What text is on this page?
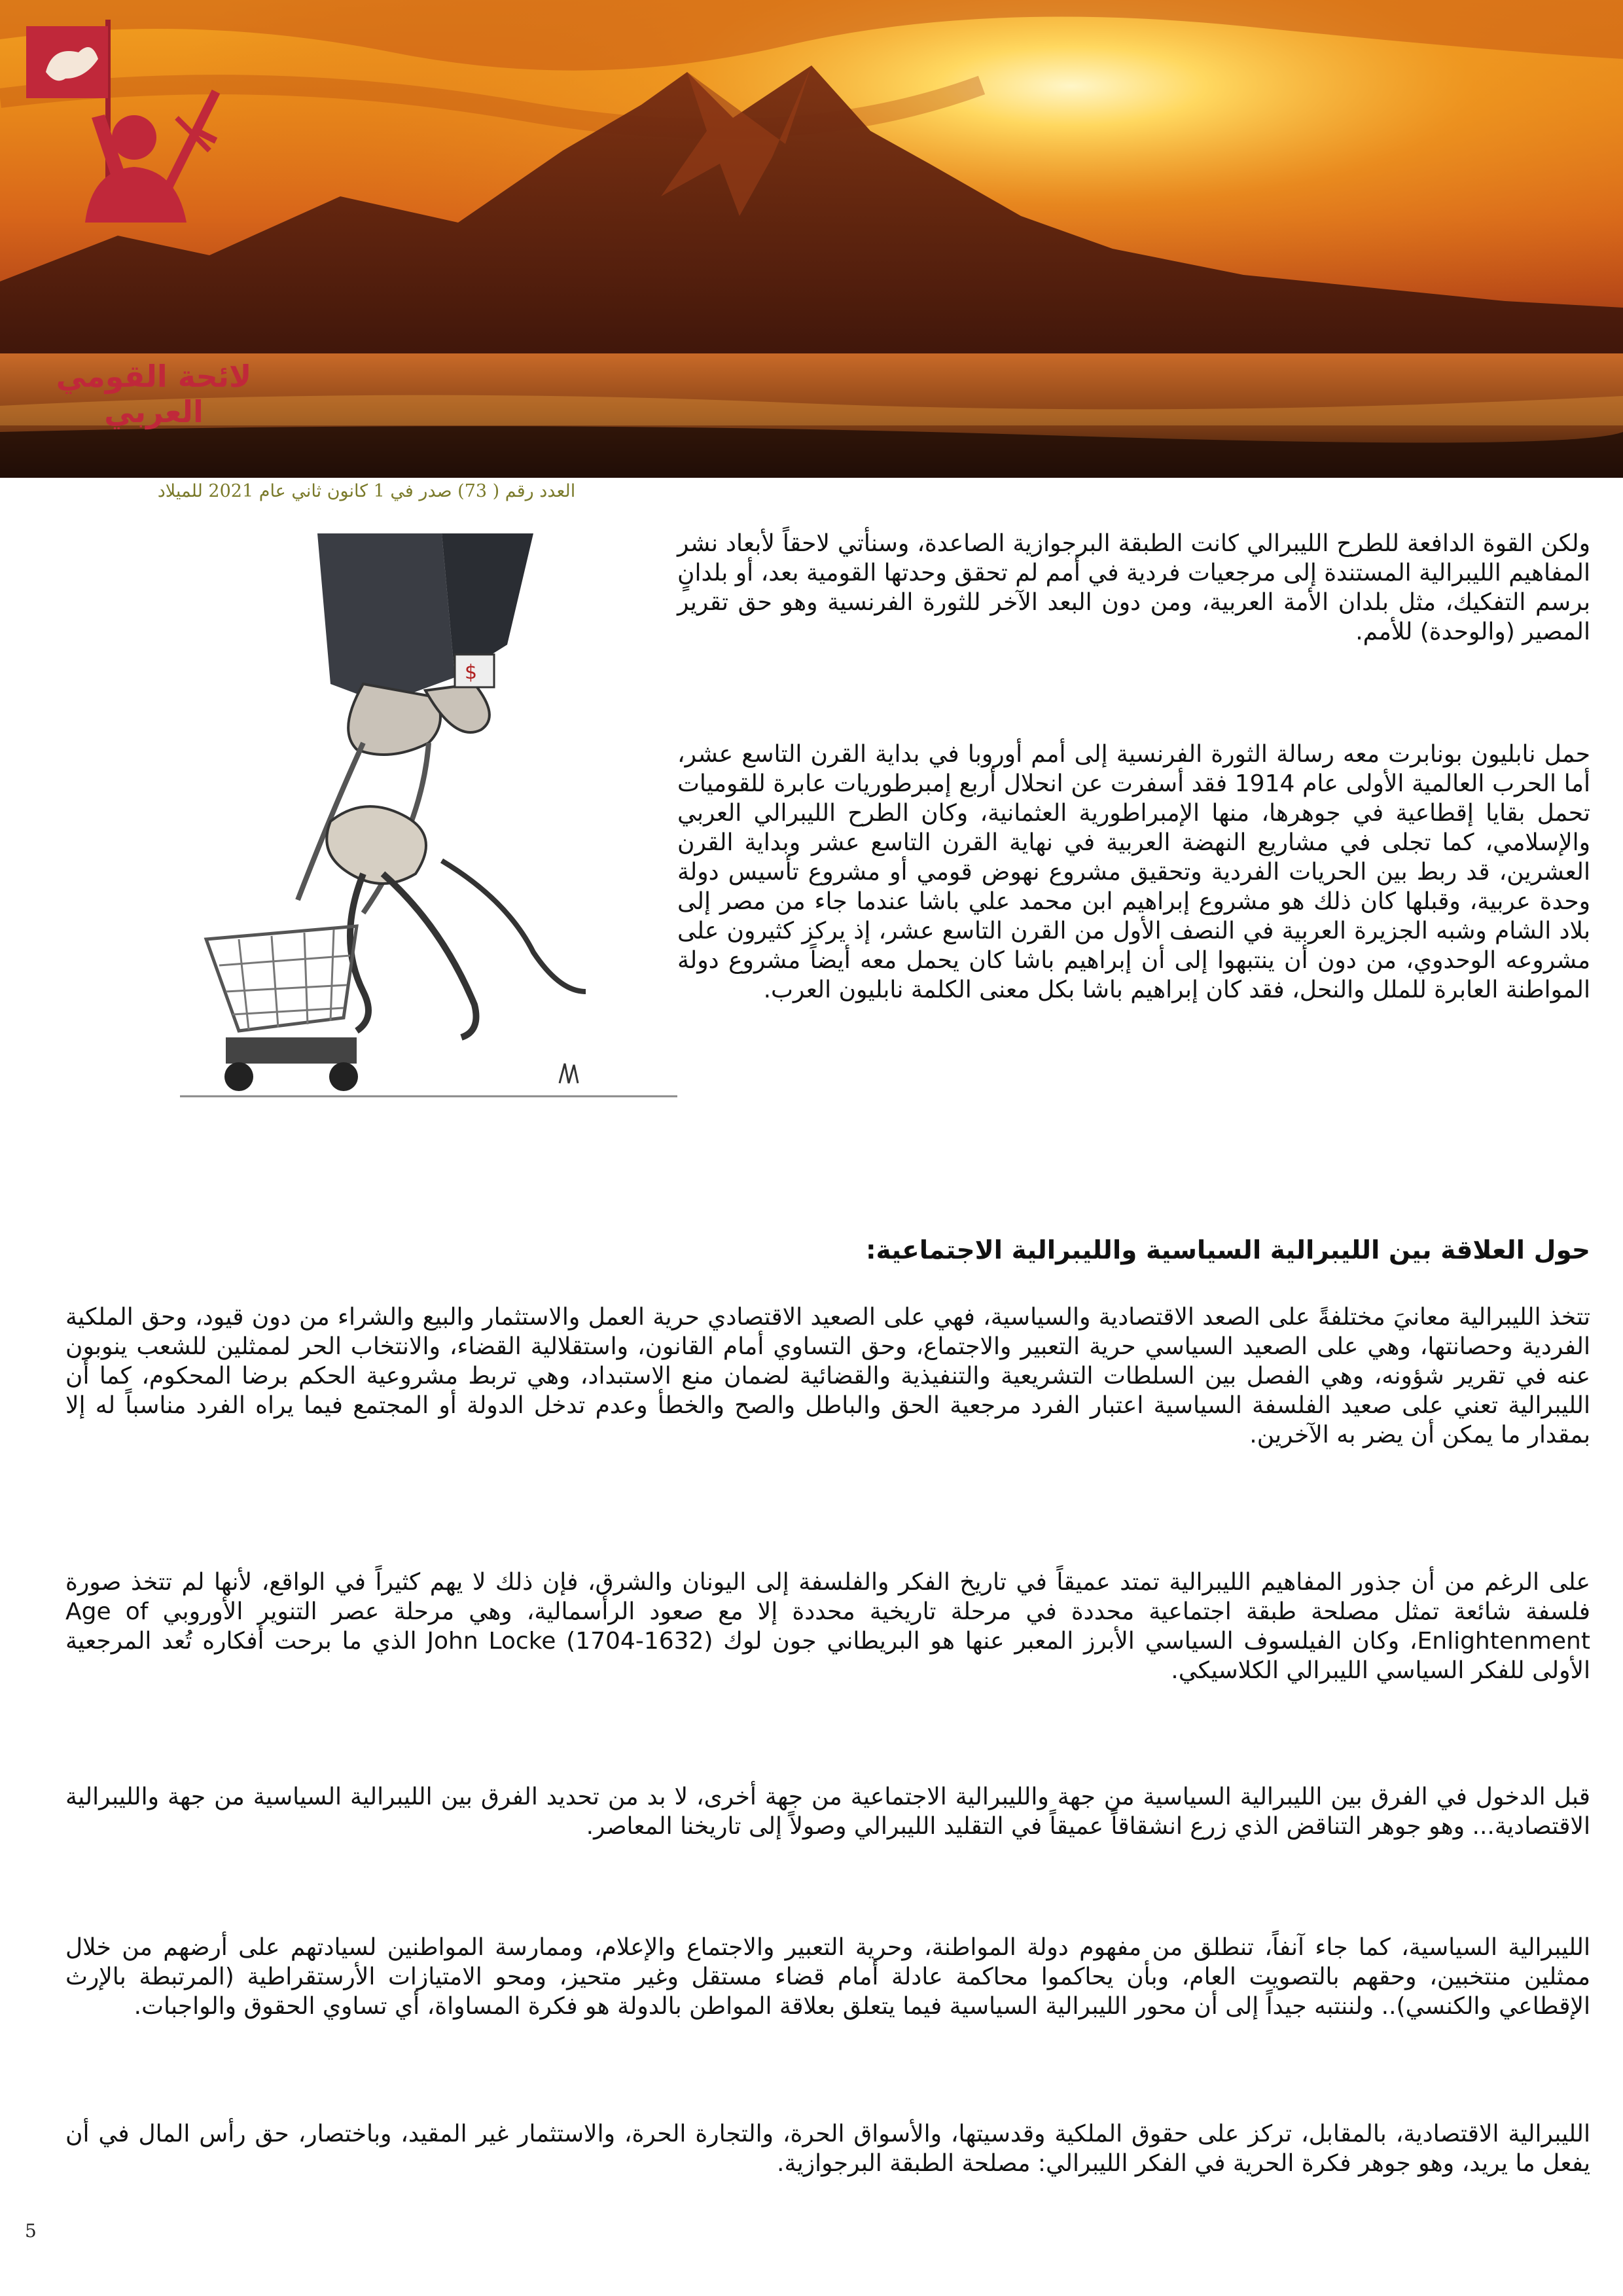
لائحة القومي العربي
العدد رقم ( 73) صدر في 1 كانون ثاني عام 2021 للميلاد
$

ولكن القوة الدافعة للطرح الليبرالي كانت الطبقة البرجوازية الصاعدة، وسنأتي لاحقاً لأبعاد نشر المفاهيم الليبرالية المستندة إلى مرجعيات فردية في أمم لم تحقق وحدتها القومية بعد، أو بلدانٍ برسم التفكيك، مثل بلدان الأمة العربية، ومن دون البعد الآخر للثورة الفرنسية وهو حق تقرير المصير (والوحدة) للأمم.

حمل نابليون بونابرت معه رسالة الثورة الفرنسية إلى أمم أوروبا في بداية القرن التاسع عشر، أما الحرب العالمية الأولى عام 1914 فقد أسفرت عن انحلال أربع إمبرطوريات عابرة للقوميات تحمل بقايا إقطاعية في جوهرها، منها الإمبراطورية العثمانية، وكان الطرح الليبرالي العربي والإسلامي، كما تجلى في مشاريع النهضة العربية في نهاية القرن التاسع عشر وبداية القرن العشرين، قد ربط بين الحريات الفردية وتحقيق مشروع نهوض قومي أو مشروع تأسيس دولة وحدة عربية، وقبلها كان ذلك هو مشروع إبراهيم ابن محمد علي باشا عندما جاء من مصر إلى بلاد الشام وشبه الجزيرة العربية في النصف الأول من القرن التاسع عشر، إذ يركز كثيرون على مشروعه الوحدوي، من دون أن ينتبهوا إلى أن إبراهيم باشا كان يحمل معه أيضاً مشروع دولة المواطنة العابرة للملل والنحل، فقد كان إبراهيم باشا بكل معنى الكلمة نابليون العرب.

حول العلاقة بين الليبرالية السياسية والليبرالية الاجتماعية:

تتخذ الليبرالية معانيَ مختلفةً على الصعد الاقتصادية والسياسية، فهي على الصعيد الاقتصادي حرية العمل والاستثمار والبيع والشراء من دون قيود، وحق الملكية الفردية وحصانتها، وهي على الصعيد السياسي حرية التعبير والاجتماع، وحق التساوي أمام القانون، واستقلالية القضاء، والانتخاب الحر لممثلين للشعب ينوبون عنه في تقرير شؤونه، وهي الفصل بين السلطات التشريعية والتنفيذية والقضائية لضمان منع الاستبداد، وهي تربط مشروعية الحكم برضا المحكوم، كما أن الليبرالية تعني على صعيد الفلسفة السياسية اعتبار الفرد مرجعية الحق والباطل والصح والخطأ وعدم تدخل الدولة أو المجتمع فيما يراه الفرد مناسباً له إلا بمقدار ما يمكن أن يضر به الآخرين.

على الرغم من أن جذور المفاهيم الليبرالية تمتد عميقاً في تاريخ الفكر والفلسفة إلى اليونان والشرق، فإن ذلك لا يهم كثيراً في الواقع، لأنها لم تتخذ صورة فلسفة شائعة تمثل مصلحة طبقة اجتماعية محددة في مرحلة تاريخية محددة إلا مع صعود الرأسمالية، وهي مرحلة عصر التنوير الأوروبي Age of Enlightenment، وكان الفيلسوف السياسي الأبرز المعبر عنها هو البريطاني جون لوك (1632-1704) John Locke الذي ما برحت أفكاره تُعد المرجعية الأولى للفكر السياسي الليبرالي الكلاسيكي.

قبل الدخول في الفرق بين الليبرالية السياسية من جهة والليبرالية الاجتماعية من جهة أخرى، لا بد من تحديد الفرق بين الليبرالية السياسية من جهة والليبرالية الاقتصادية... وهو جوهر التناقض الذي زرع انشقاقاً عميقاً في التقليد الليبرالي وصولاً إلى تاريخنا المعاصر.

الليبرالية السياسية، كما جاء آنفاً، تنطلق من مفهوم دولة المواطنة، وحرية التعبير والاجتماع والإعلام، وممارسة المواطنين لسيادتهم على أرضهم من خلال ممثلين منتخبين، وحقهم بالتصويت العام، وبأن يحاكموا محاكمة عادلة أمام قضاء مستقل وغير متحيز، ومحو الامتيازات الأرستقراطية (المرتبطة بالإرث الإقطاعي والكنسي).. ولننتبه جيداً إلى أن محور الليبرالية السياسية فيما يتعلق بعلاقة المواطن بالدولة هو فكرة المساواة، أي تساوي الحقوق والواجبات.

الليبرالية الاقتصادية، بالمقابل، تركز على حقوق الملكية وقدسيتها، والأسواق الحرة، والتجارة الحرة، والاستثمار غير المقيد، وباختصار، حق رأس المال في أن يفعل ما يريد، وهو جوهر فكرة الحرية في الفكر الليبرالي: مصلحة الطبقة البرجوازية.

5
